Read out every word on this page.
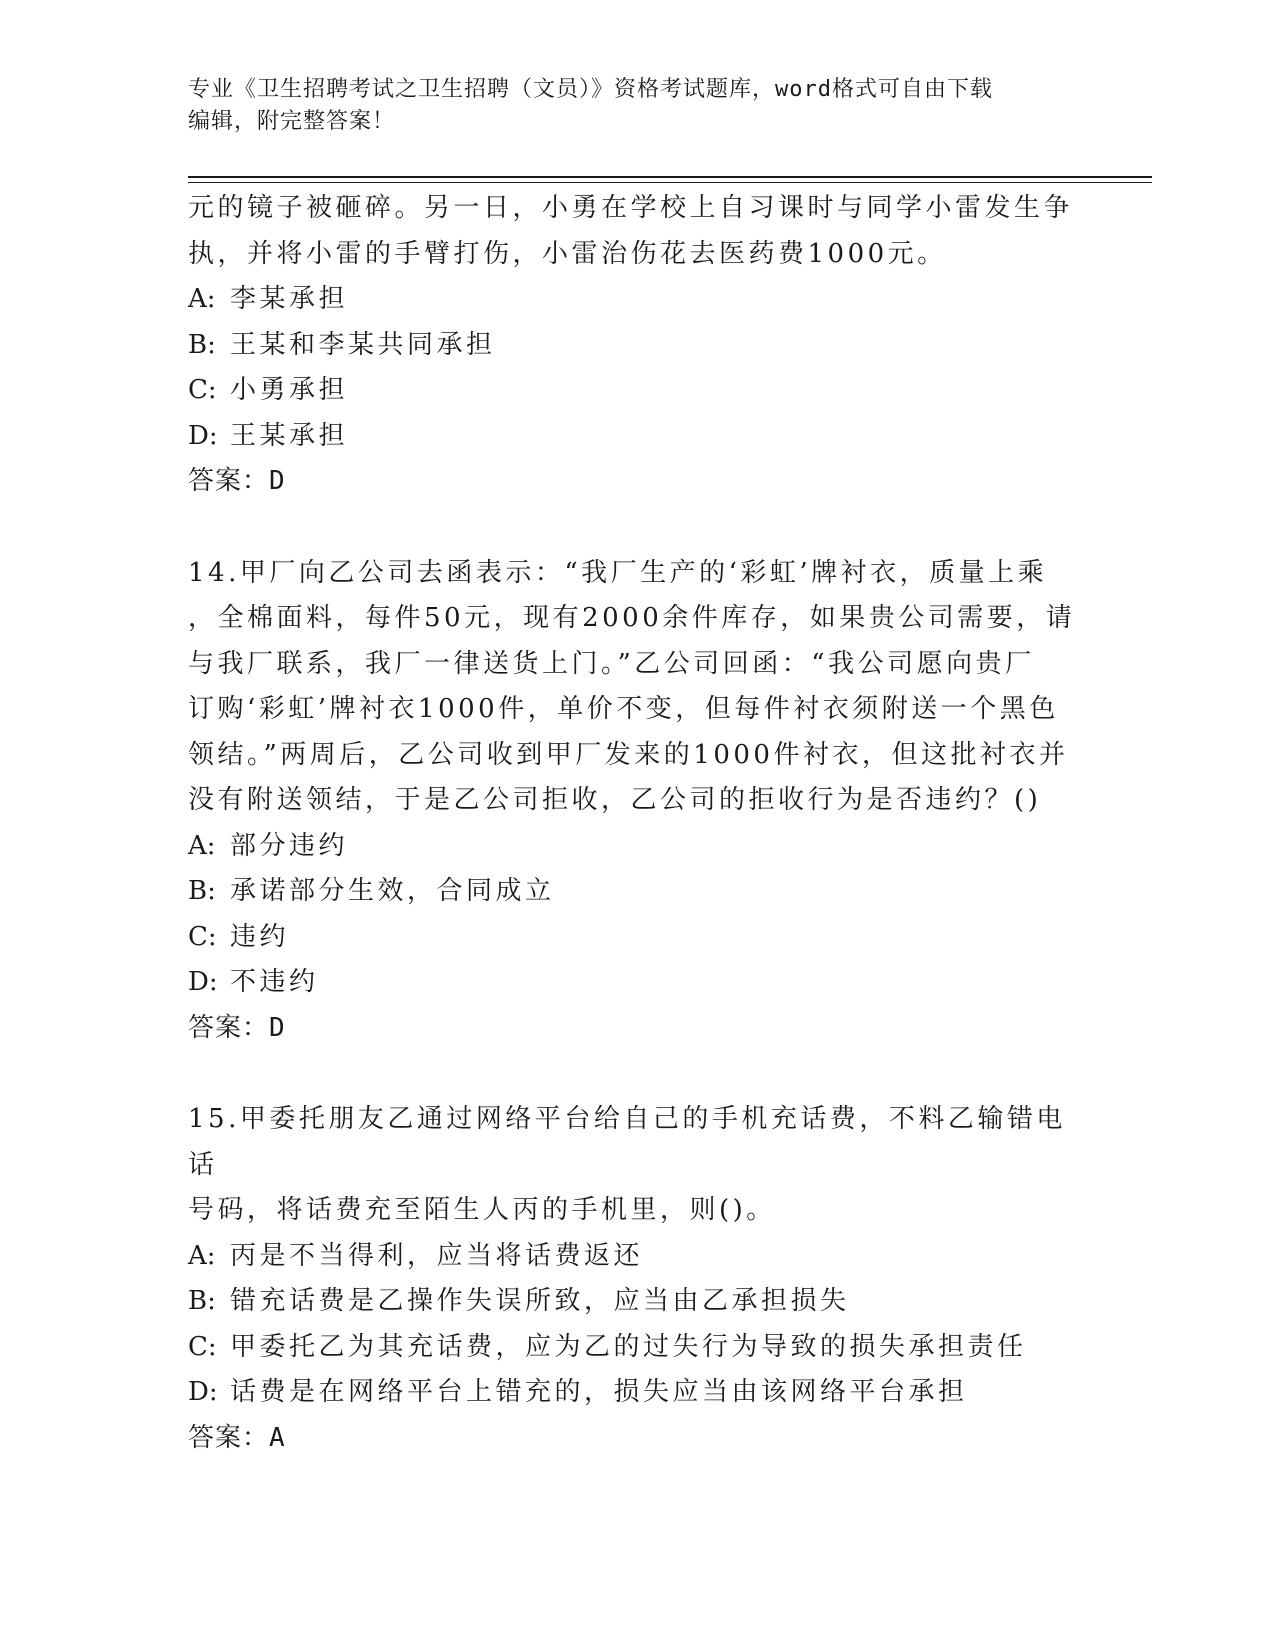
专业《卫生招聘考试之卫生招聘（文员）》资格考试题库，word格式可自由下载
编辑，附完整答案！

元的镜子被砸碎。另一日，小勇在学校上自习课时与同学小雷发生争

执，并将小雷的手臂打伤，小雷治伤花去医药费1000元。

A: 李某承担

B: 王某和李某共同承担

C: 小勇承担

D: 王某承担

答案：D

14.甲厂向乙公司去函表示：“我厂生产的‘彩虹’牌衬衣，质量上乘

，全棉面料，每件50元，现有2000余件库存，如果贵公司需要，请

与我厂联系，我厂一律送货上门。”乙公司回函：“我公司愿向贵厂

订购‘彩虹’牌衬衣1000件，单价不变，但每件衬衣须附送一个黑色

领结。”两周后，乙公司收到甲厂发来的1000件衬衣，但这批衬衣并

没有附送领结，于是乙公司拒收，乙公司的拒收行为是否违约？()

A: 部分违约

B: 承诺部分生效，合同成立

C: 违约

D: 不违约

答案：D

15.甲委托朋友乙通过网络平台给自己的手机充话费，不料乙输错电话

号码，将话费充至陌生人丙的手机里，则()。

A: 丙是不当得利，应当将话费返还

B: 错充话费是乙操作失误所致，应当由乙承担损失

C: 甲委托乙为其充话费，应为乙的过失行为导致的损失承担责任

D: 话费是在网络平台上错充的，损失应当由该网络平台承担

答案：A
